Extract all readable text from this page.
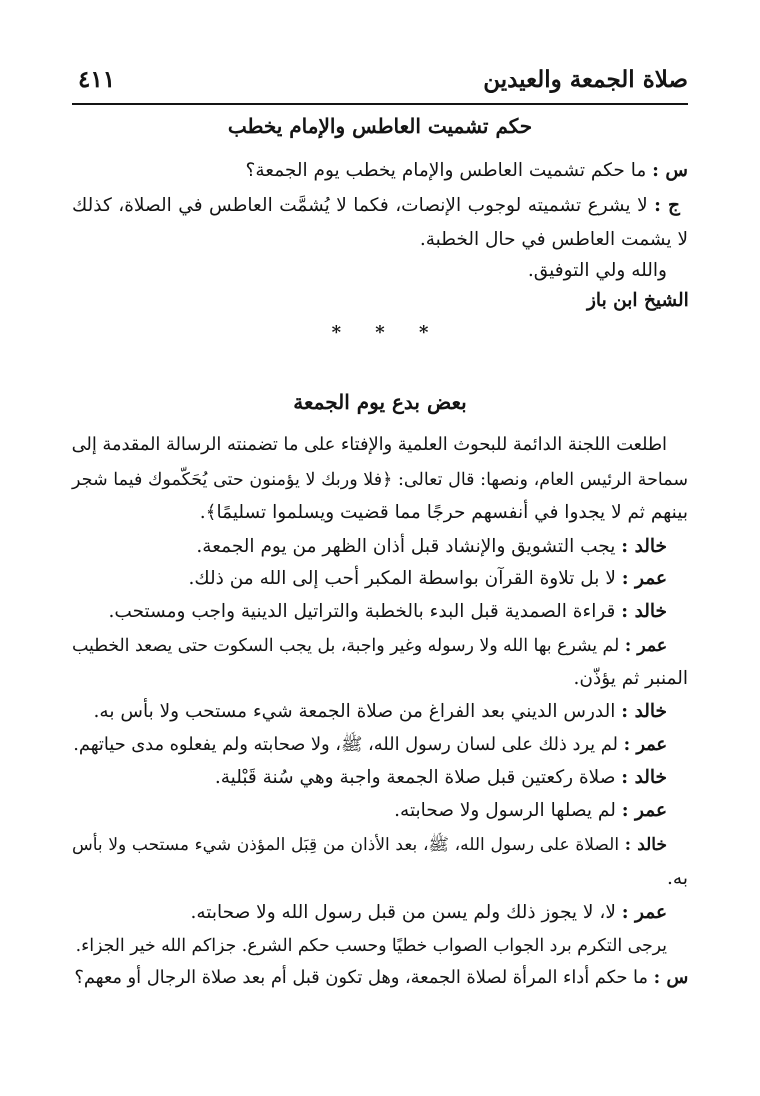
صلاة الجمعة والعيدين
٤١١
حكم تشميت العاطس والإمام يخطب
س : ما حكم تشميت العاطس والإمام يخطب يوم الجمعة؟
ج : لا يشرع تشميته لوجوب الإنصات، فكما لا يُشمَّت العاطس في الصلاة، كذلك
لا يشمت العاطس في حال الخطبة.
والله ولي التوفيق.
الشيخ ابن باز
* * *
بعض بدع يوم الجمعة
اطلعت اللجنة الدائمة للبحوث العلمية والإفتاء على ما تضمنته الرسالة المقدمة إلى
سماحة الرئيس العام، ونصها: قال تعالى: ﴿فلا وربك لا يؤمنون حتى يُحَكّموك فيما شجر
بينهم ثم لا يجدوا في أنفسهم حرجًا مما قضيت ويسلموا تسليمًا﴾.
خالد : يجب التشويق والإنشاد قبل أذان الظهر من يوم الجمعة.
عمر : لا بل تلاوة القرآن بواسطة المكبر أحب إلى الله من ذلك.
خالد : قراءة الصمدية قبل البدء بالخطبة والتراتيل الدينية واجب ومستحب.
عمر : لم يشرع بها الله ولا رسوله وغير واجبة، بل يجب السكوت حتى يصعد الخطيب
المنبر ثم يؤذّن.
خالد : الدرس الديني بعد الفراغ من صلاة الجمعة شيء مستحب ولا بأس به.
عمر : لم يرد ذلك على لسان رسول الله، ﷺ، ولا صحابته ولم يفعلوه مدى حياتهم.
خالد : صلاة ركعتين قبل صلاة الجمعة واجبة وهي سُنة قَبْلية.
عمر : لم يصلها الرسول ولا صحابته.
خالد : الصلاة على رسول الله، ﷺ، بعد الأذان من قِبَل المؤذن شيء مستحب ولا بأس
به.
عمر : لا، لا يجوز ذلك ولم يسن من قبل رسول الله ولا صحابته.
يرجى التكرم برد الجواب الصواب خطيًا وحسب حكم الشرع. جزاكم الله خير الجزاء.
س : ما حكم أداء المرأة لصلاة الجمعة، وهل تكون قبل أم بعد صلاة الرجال أو معهم؟
